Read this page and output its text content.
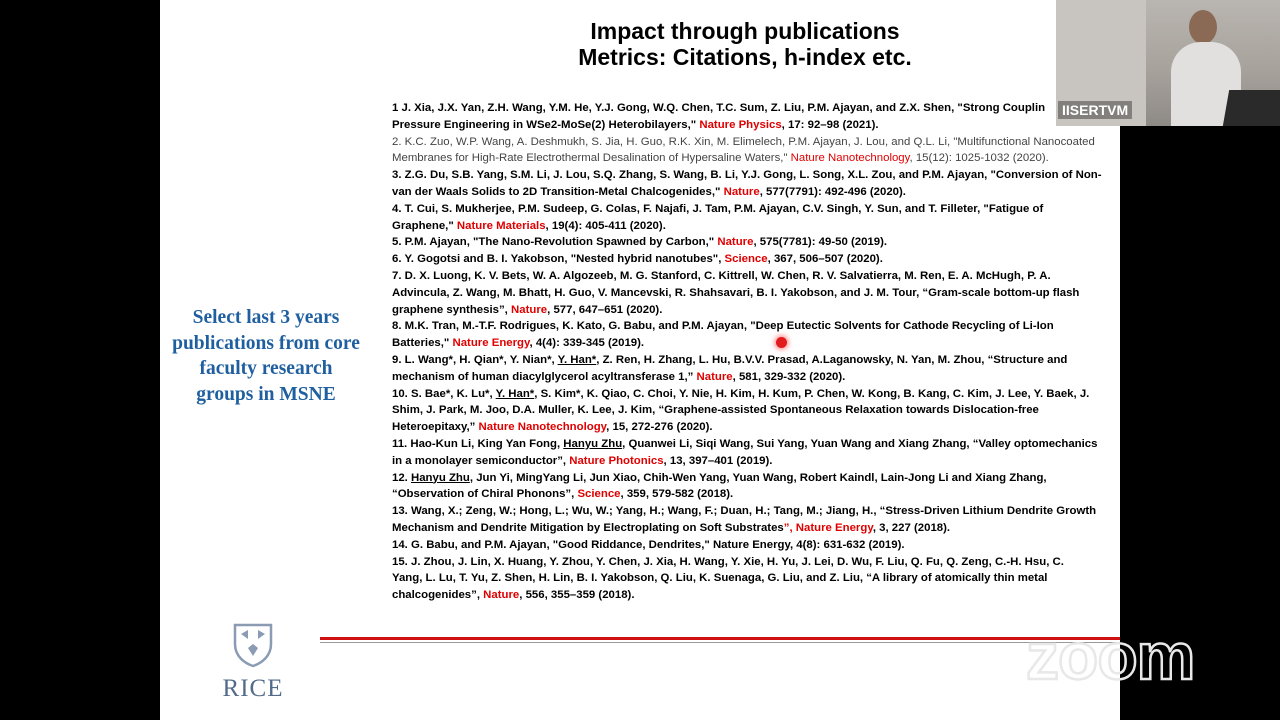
Impact through publications
Metrics: Citations, h-index etc.
1 J. Xia, J.X. Yan, Z.H. Wang, Y.M. He, Y.J. Gong, W.Q. Chen, T.C. Sum, Z. Liu, P.M. Ajayan, and Z.X. Shen, "Strong Couplin
Pressure Engineering in WSe2-MoSe(2) Heterobilayers," Nature Physics, 17: 92–98 (2021).
2. K.C. Zuo, W.P. Wang, A. Deshmukh, S. Jia, H. Guo, R.K. Xin, M. Elimelech, P.M. Ajayan, J. Lou, and Q.L. Li, "Multifunctional Nanocoated
Membranes for High-Rate Electrothermal Desalination of Hypersaline Waters," Nature Nanotechnology, 15(12): 1025-1032 (2020).
3. Z.G. Du, S.B. Yang, S.M. Li, J. Lou, S.Q. Zhang, S. Wang, B. Li, Y.J. Gong, L. Song, X.L. Zou, and P.M. Ajayan, "Conversion of Non-
van der Waals Solids to 2D Transition-Metal Chalcogenides," Nature, 577(7791): 492-496 (2020).
4. T. Cui, S. Mukherjee, P.M. Sudeep, G. Colas, F. Najafi, J. Tam, P.M. Ajayan, C.V. Singh, Y. Sun, and T. Filleter, "Fatigue of
Graphene," Nature Materials, 19(4): 405-411 (2020).
5. P.M. Ajayan, "The Nano-Revolution Spawned by Carbon," Nature, 575(7781): 49-50 (2019).
6. Y. Gogotsi and B. I. Yakobson, "Nested hybrid nanotubes", Science, 367, 506–507 (2020).
7. D. X. Luong, K. V. Bets, W. A. Algozeeb, M. G. Stanford, C. Kittrell, W. Chen, R. V. Salvatierra, M. Ren, E. A. McHugh, P. A.
Advincula, Z. Wang, M. Bhatt, H. Guo, V. Mancevski, R. Shahsavari, B. I. Yakobson, and J. M. Tour, “Gram-scale bottom-up flash
graphene synthesis”, Nature, 577, 647–651 (2020).
8. M.K. Tran, M.-T.F. Rodrigues, K. Kato, G. Babu, and P.M. Ajayan, "Deep Eutectic Solvents for Cathode Recycling of Li-Ion
Batteries," Nature Energy, 4(4): 339-345 (2019).
9. L. Wang*, H. Qian*, Y. Nian*, Y. Han*, Z. Ren, H. Zhang, L. Hu, B.V.V. Prasad, A.Laganowsky, N. Yan, M. Zhou, “Structure and
mechanism of human diacylglycerol acyltransferase 1,” Nature, 581, 329-332 (2020).
10. S. Bae*, K. Lu*, Y. Han*, S. Kim*, K. Qiao, C. Choi, Y. Nie, H. Kim, H. Kum, P. Chen, W. Kong, B. Kang, C. Kim, J. Lee, Y. Baek, J.
Shim, J. Park, M. Joo, D.A. Muller, K. Lee, J. Kim, “Graphene-assisted Spontaneous Relaxation towards Dislocation-free
Heteroepitaxy,” Nature Nanotechnology, 15, 272-276 (2020).
11. Hao-Kun Li, King Yan Fong, Hanyu Zhu, Quanwei Li, Siqi Wang, Sui Yang, Yuan Wang and Xiang Zhang, “Valley optomechanics
in a monolayer semiconductor”, Nature Photonics, 13, 397–401 (2019).
12. Hanyu Zhu, Jun Yi, MingYang Li, Jun Xiao, Chih-Wen Yang, Yuan Wang, Robert Kaindl, Lain-Jong Li and Xiang Zhang,
“Observation of Chiral Phonons”, Science, 359, 579-582 (2018).
13. Wang, X.; Zeng, W.; Hong, L.; Wu, W.; Yang, H.; Wang, F.; Duan, H.; Tang, M.; Jiang, H., “Stress-Driven Lithium Dendrite Growth
Mechanism and Dendrite Mitigation by Electroplating on Soft Substrates”, Nature Energy, 3, 227 (2018).
14. G. Babu, and P.M. Ajayan, "Good Riddance, Dendrites," Nature Energy, 4(8): 631-632 (2019).
15. J. Zhou, J. Lin, X. Huang, Y. Zhou, Y. Chen, J. Xia, H. Wang, Y. Xie, H. Yu, J. Lei, D. Wu, F. Liu, Q. Fu, Q. Zeng, C.-H. Hsu, C.
Yang, L. Lu, T. Yu, Z. Shen, H. Lin, B. I. Yakobson, Q. Liu, K. Suenaga, G. Liu, and Z. Liu, “A library of atomically thin metal
chalcogenides”, Nature, 556, 355–359 (2018).
Select last 3 years publications from core faculty research groups in MSNE
RICE	zoom
IISERTVM
